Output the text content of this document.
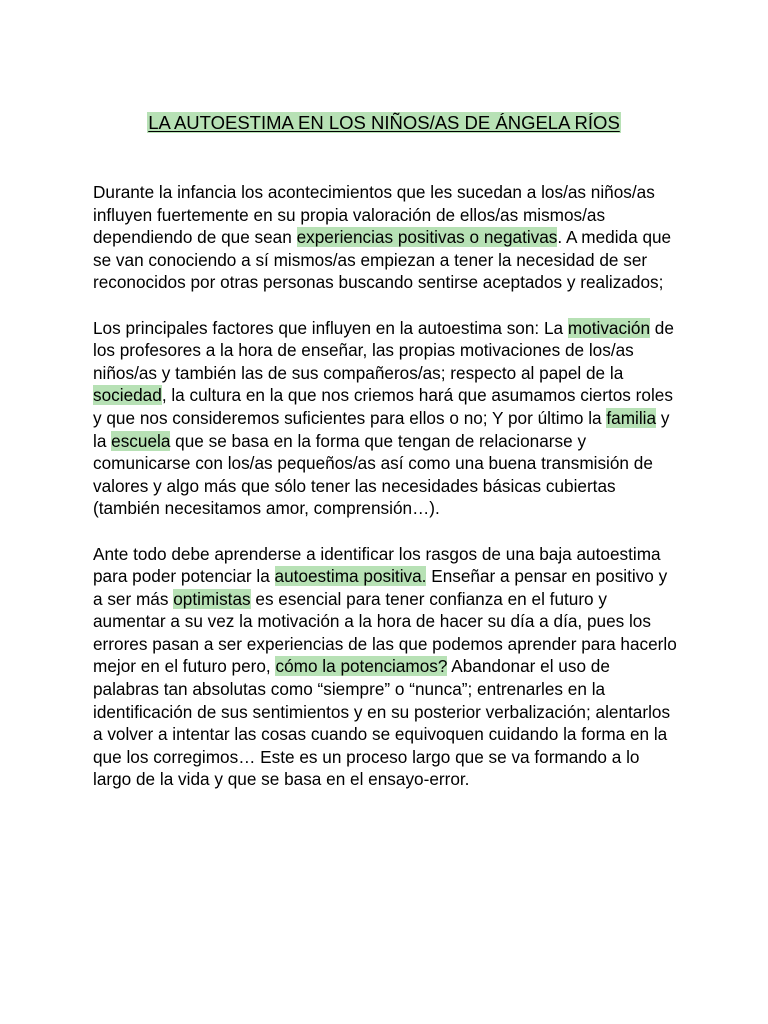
LA AUTOESTIMA EN LOS NIÑOS/AS DE ÁNGELA RÍOS

Durante la infancia los acontecimientos que les sucedan a los/as niños/as influyen fuertemente en su propia valoración de ellos/as mismos/as dependiendo de que sean experiencias positivas o negativas. A medida que se van conociendo a sí mismos/as empiezan a tener la necesidad de ser reconocidos por otras personas buscando sentirse aceptados y realizados;

Los principales factores que influyen en la autoestima son: La motivación de los profesores a la hora de enseñar, las propias motivaciones de los/as niños/as y también las de sus compañeros/as; respecto al papel de la sociedad, la cultura en la que nos criemos hará que asumamos ciertos roles y que nos consideremos suficientes para ellos o no; Y por último la familia y la escuela que se basa en la forma que tengan de relacionarse y comunicarse con los/as pequeños/as así como una buena transmisión de valores y algo más que sólo tener las necesidades básicas cubiertas (también necesitamos amor, comprensión…).

Ante todo debe aprenderse a identificar los rasgos de una baja autoestima para poder potenciar la autoestima positiva. Enseñar a pensar en positivo y a ser más optimistas es esencial para tener confianza en el futuro y aumentar a su vez la motivación a la hora de hacer su día a día, pues los errores pasan a ser experiencias de las que podemos aprender para hacerlo mejor en el futuro pero, cómo la potenciamos? Abandonar el uso de palabras tan absolutas como “siempre” o “nunca”; entrenarles en la identificación de sus sentimientos y en su posterior verbalización; alentarlos a volver a intentar las cosas cuando se equivoquen cuidando la forma en la que los corregimos… Este es un proceso largo que se va formando a lo largo de la vida y que se basa en el ensayo-error.
